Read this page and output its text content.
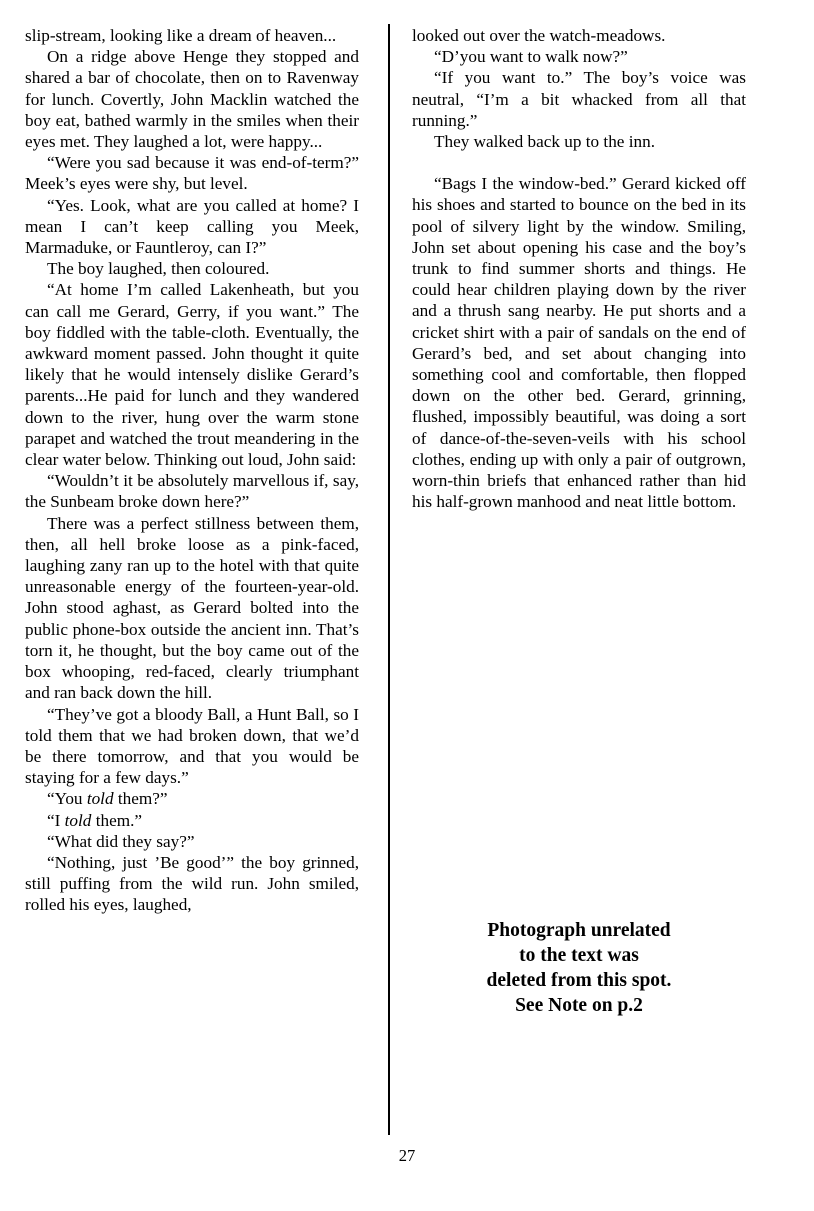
slip-stream, looking like a dream of heaven...

On a ridge above Henge they stopped and shared a bar of chocolate, then on to Ravenway for lunch. Covertly, John Macklin watched the boy eat, bathed warmly in the smiles when their eyes met. They laughed a lot, were happy...

“Were you sad because it was end-of-term?” Meek’s eyes were shy, but level.

“Yes. Look, what are you called at home? I mean I can’t keep calling you Meek, Marmaduke, or Fauntleroy, can I?”

The boy laughed, then coloured.

“At home I’m called Lakenheath, but you can call me Gerard, Gerry, if you want.” The boy fiddled with the table-cloth. Eventually, the awkward moment passed. John thought it quite likely that he would intensely dislike Gerard’s parents...He paid for lunch and they wandered down to the river, hung over the warm stone parapet and watched the trout meandering in the clear water below. Thinking out loud, John said:

“Wouldn’t it be absolutely marvellous if, say, the Sunbeam broke down here?”

There was a perfect stillness between them, then, all hell broke loose as a pink-faced, laughing zany ran up to the hotel with that quite unreasonable energy of the fourteen-year-old. John stood aghast, as Gerard bolted into the public phone-box outside the ancient inn. That’s torn it, he thought, but the boy came out of the box whooping, red-faced, clearly triumphant and ran back down the hill.

“They’ve got a bloody Ball, a Hunt Ball, so I told them that we had broken down, that we’d be there tomorrow, and that you would be staying for a few days.”

“You told them?”

“I told them.”

“What did they say?”

“Nothing, just ’Be good’” the boy grinned, still puffing from the wild run. John smiled, rolled his eyes, laughed,

looked out over the watch-meadows.

“D’you want to walk now?”

“If you want to.” The boy’s voice was neutral, “I’m a bit whacked from all that running.”

They walked back up to the inn.

“Bags I the window-bed.” Gerard kicked off his shoes and started to bounce on the bed in its pool of silvery light by the window. Smiling, John set about opening his case and the boy’s trunk to find summer shorts and things. He could hear children playing down by the river and a thrush sang nearby. He put shorts and a cricket shirt with a pair of sandals on the end of Gerard’s bed, and set about changing into something cool and comfortable, then flopped down on the other bed. Gerard, grinning, flushed, impossibly beautiful, was doing a sort of dance-of-the-seven-veils with his school clothes, ending up with only a pair of outgrown, worn-thin briefs that enhanced rather than hid his half-grown manhood and neat little bottom.

Photograph unrelated
to the text was
deleted from this spot.
See Note on p.2
27
